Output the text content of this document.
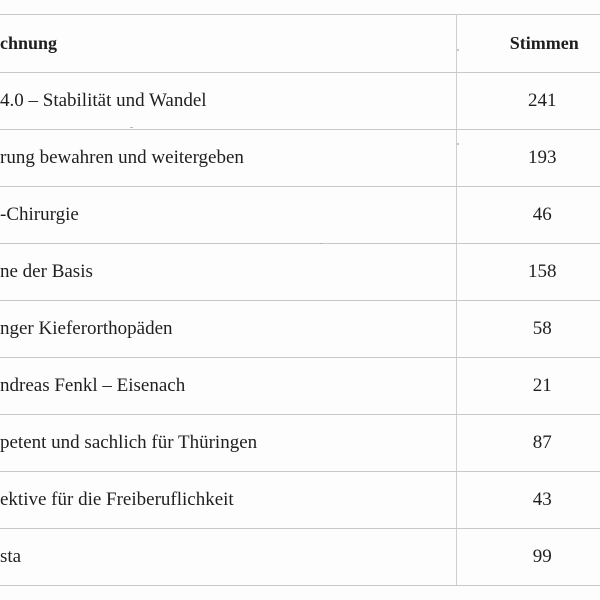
chnung	Stimmen
4.0 – Stabilität und Wandel	241
rung bewahren und weitergeben	193
-Chirurgie	46
ne der Basis	158
nger Kieferorthopäden	58
ndreas Fenkl – Eisenach	21
petent und sachlich für Thüringen	87
ektive für die Freiberuflichkeit	43
sta	99
